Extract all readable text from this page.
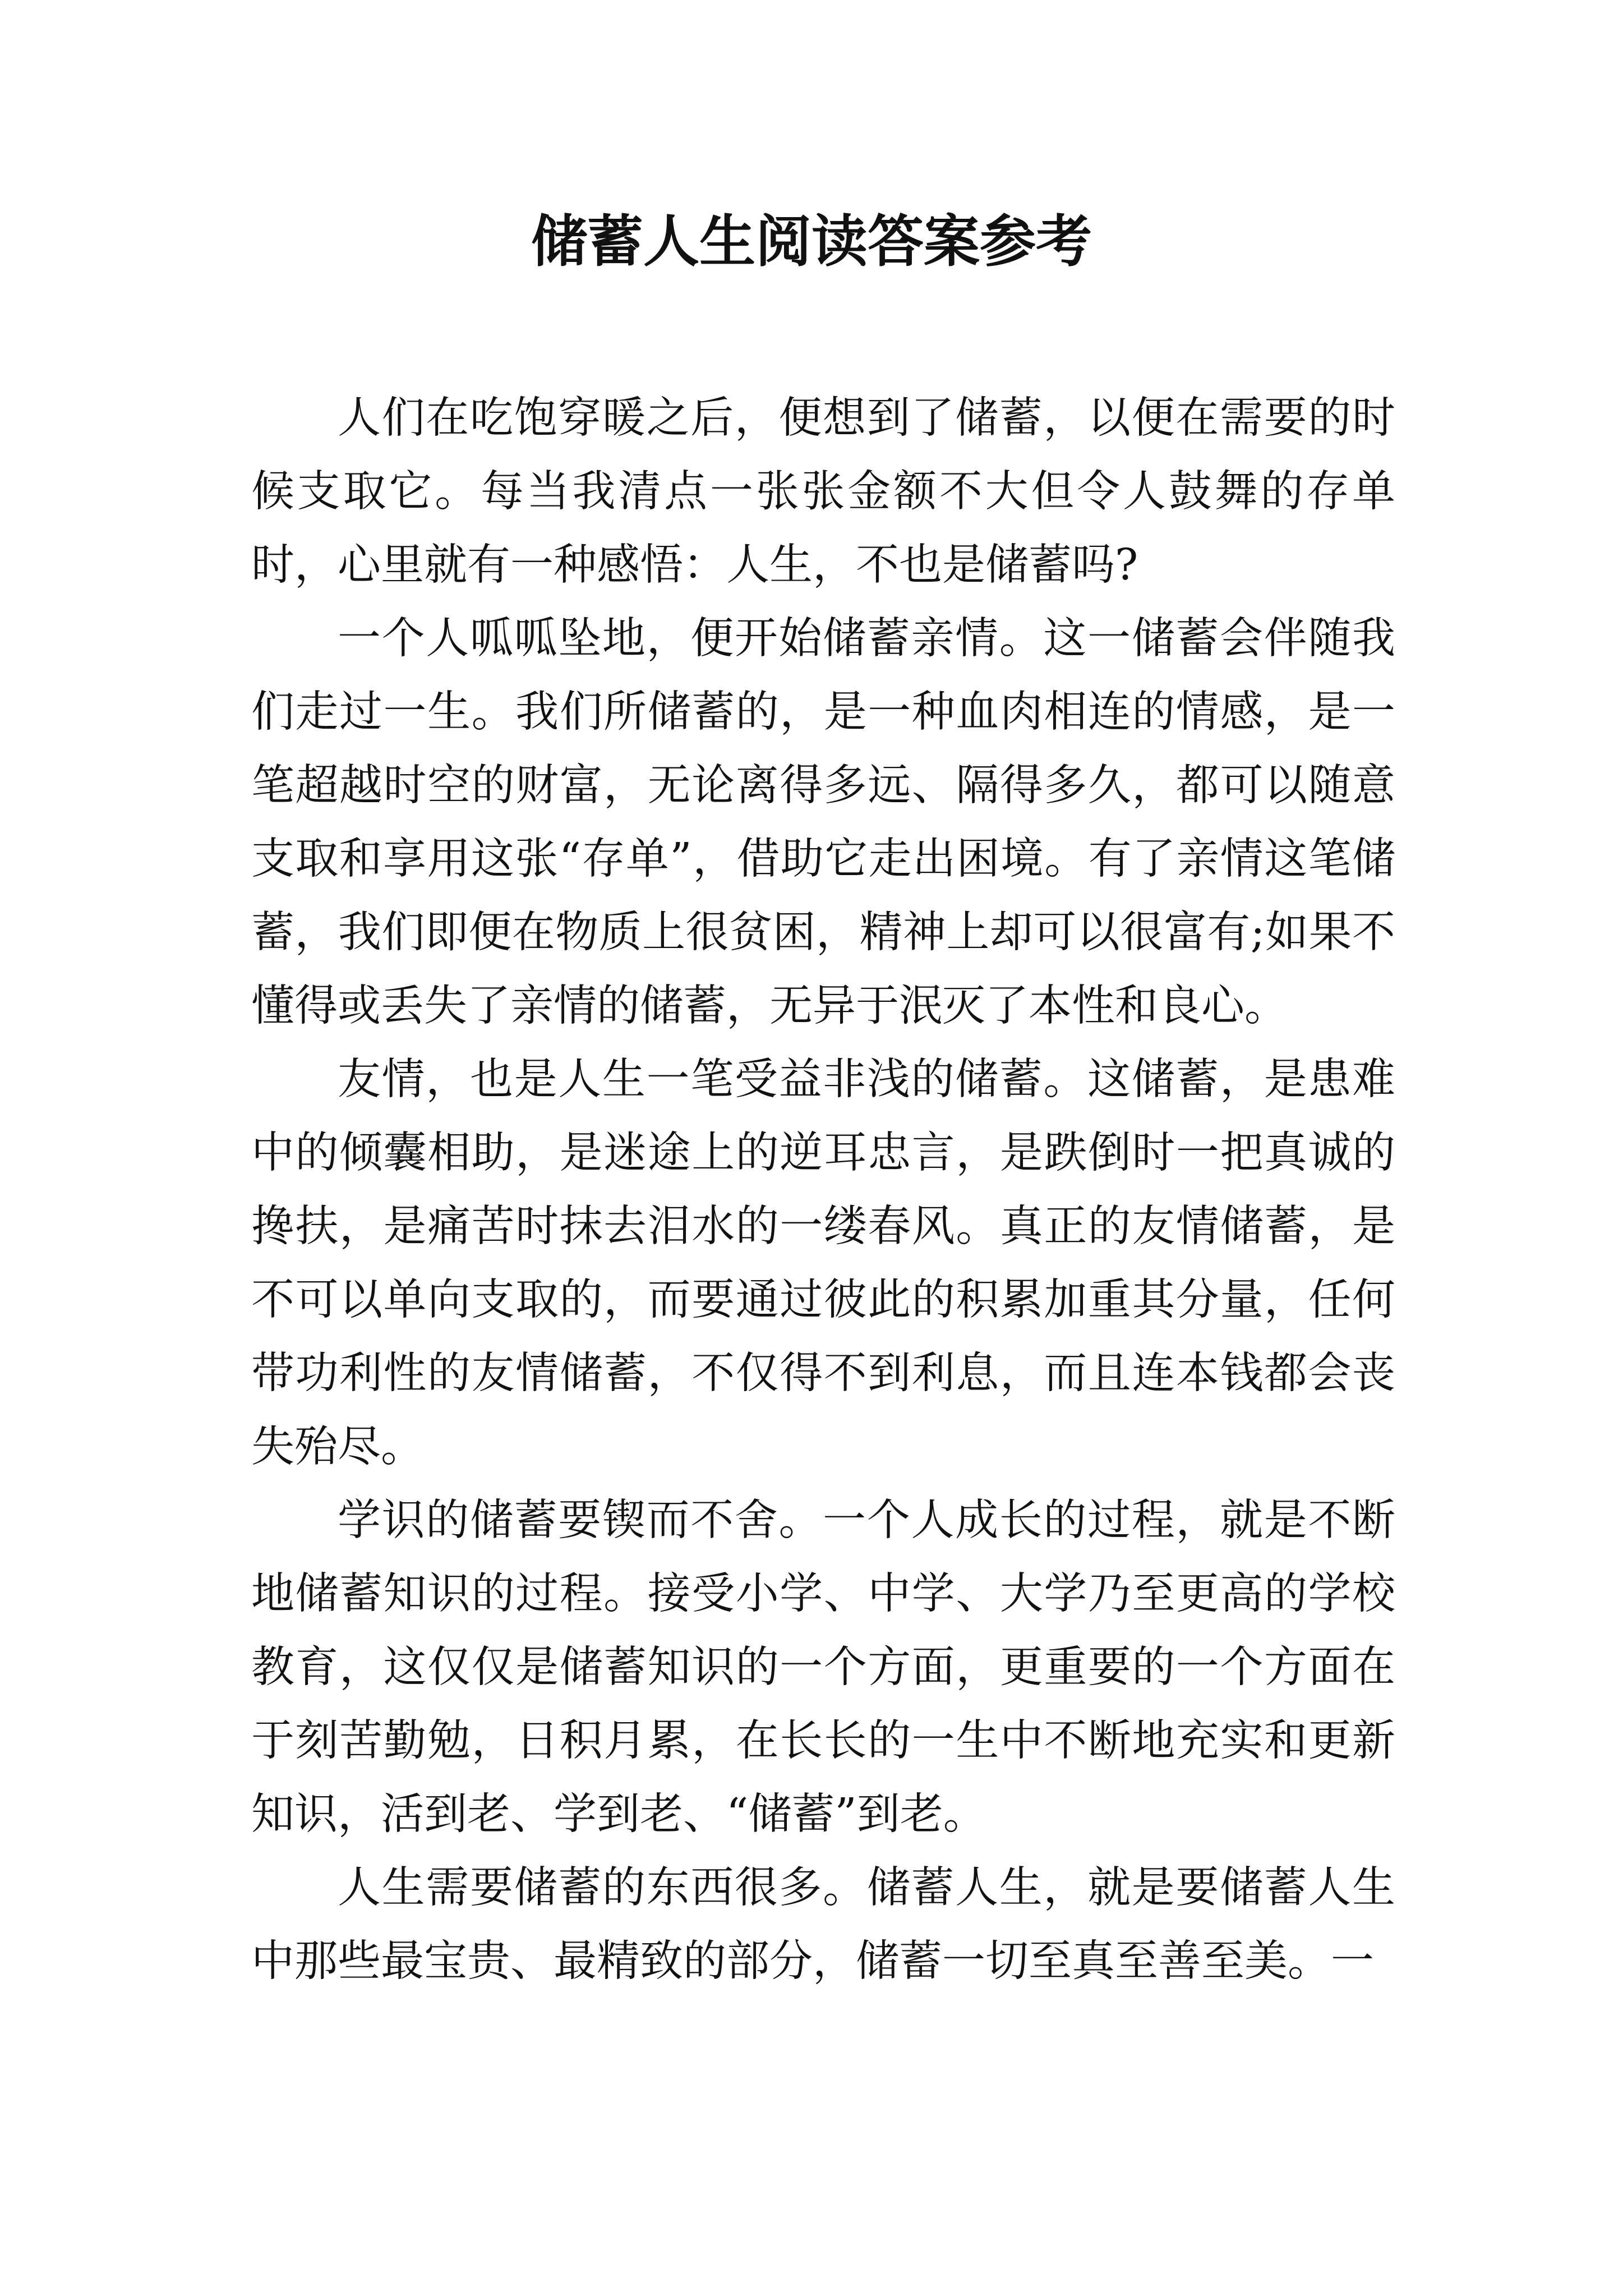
储蓄人生阅读答案参考

人们在吃饱穿暖之后，便想到了储蓄，以便在需要的时候支取它。每当我清点一张张金额不大但令人鼓舞的存单时，心里就有一种感悟：人生，不也是储蓄吗?

一个人呱呱坠地，便开始储蓄亲情。这一储蓄会伴随我们走过一生。我们所储蓄的，是一种血肉相连的情感，是一笔超越时空的财富，无论离得多远、隔得多久，都可以随意支取和享用这张“存单”，借助它走出困境。有了亲情这笔储蓄，我们即便在物质上很贫困，精神上却可以很富有;如果不懂得或丢失了亲情的储蓄，无异于泯灭了本性和良心。

友情，也是人生一笔受益非浅的储蓄。这储蓄，是患难中的倾囊相助，是迷途上的逆耳忠言，是跌倒时一把真诚的搀扶，是痛苦时抹去泪水的一缕春风。真正的友情储蓄，是不可以单向支取的，而要通过彼此的积累加重其分量，任何带功利性的友情储蓄，不仅得不到利息，而且连本钱都会丧失殆尽。

学识的储蓄要锲而不舍。一个人成长的过程，就是不断地储蓄知识的过程。接受小学、中学、大学乃至更高的学校教育，这仅仅是储蓄知识的一个方面，更重要的一个方面在于刻苦勤勉，日积月累，在长长的一生中不断地充实和更新知识，活到老、学到老、“储蓄”到老。

人生需要储蓄的东西很多。储蓄人生，就是要储蓄人生中那些最宝贵、最精致的部分，储蓄一切至真至善至美。一
